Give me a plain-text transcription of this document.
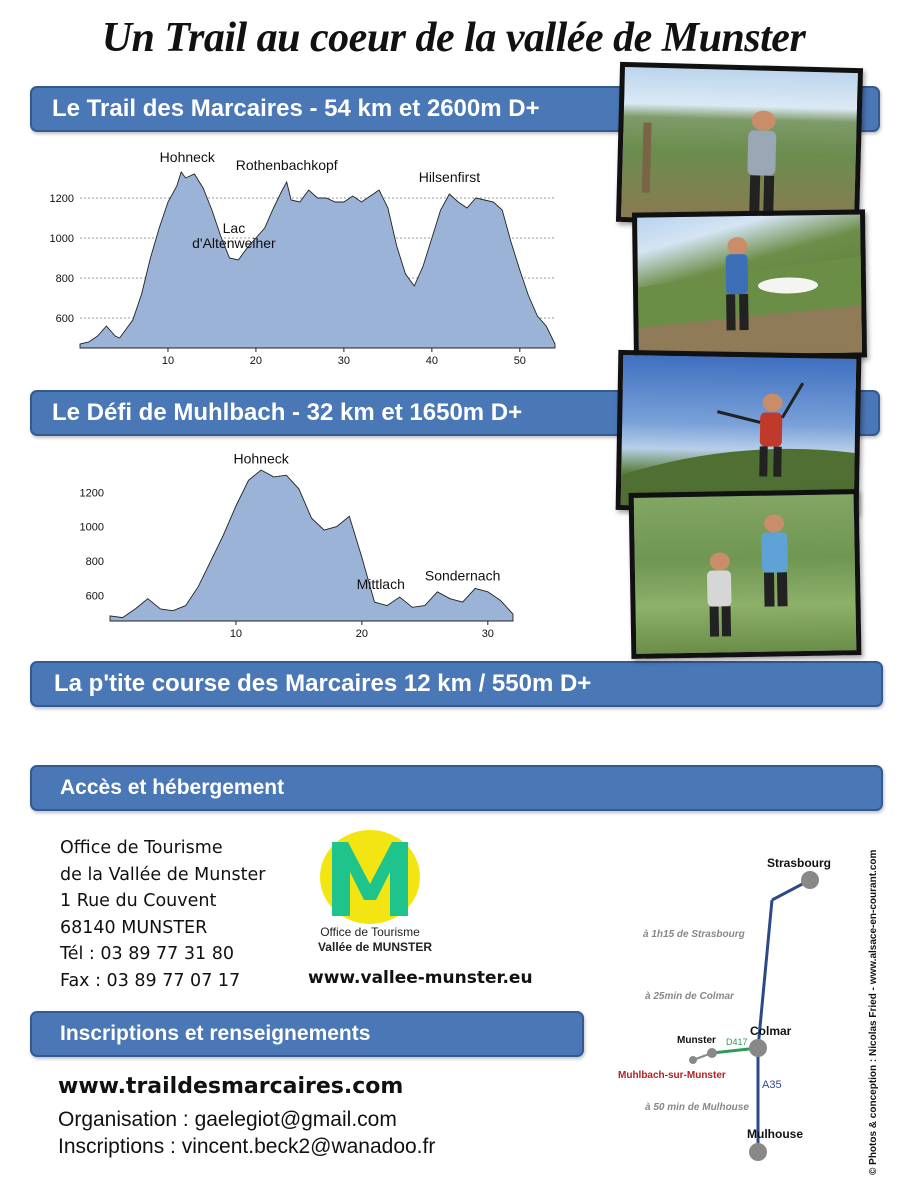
Un Trail au coeur de la vallée de Munster
Le Trail des Marcaires - 54 km et 2600m D+
Le Défi de Muhlbach - 32 km et 1650m D+
La p'tite course des Marcaires 12 km / 550m D+
Accès et hébergement
Inscriptions et renseignements
10	20	30	40	50
600
800
1000
1200
Hohneck Rothenbachkopf
Lac d'Altenweiher
Hilsenfirst
10	20	30
600
800
1000
1200
Hohneck
Mittlach
Sondernach
Office de Tourisme
de la Vallée de Munster
1 Rue du Couvent
68140 MUNSTER
Tél : 03 89 77 31 80
Fax : 03 89 77 07 17
Office de Tourisme
Vallée de MUNSTER
www.vallee-munster.eu
www.traildesmarcaires.com
Organisation : gaelegiot@gmail.com
Inscriptions : vincent.beck2@wanadoo.fr
Strasbourg
Colmar
Munster
Mulhouse
Muhlbach-sur-Munster
D417
A35
à 1h15 de Strasbourg
à 25min de Colmar
à 50 min de Mulhouse	© Photos & conception : Nicolas Fried - www.alsace-en-courant.com
